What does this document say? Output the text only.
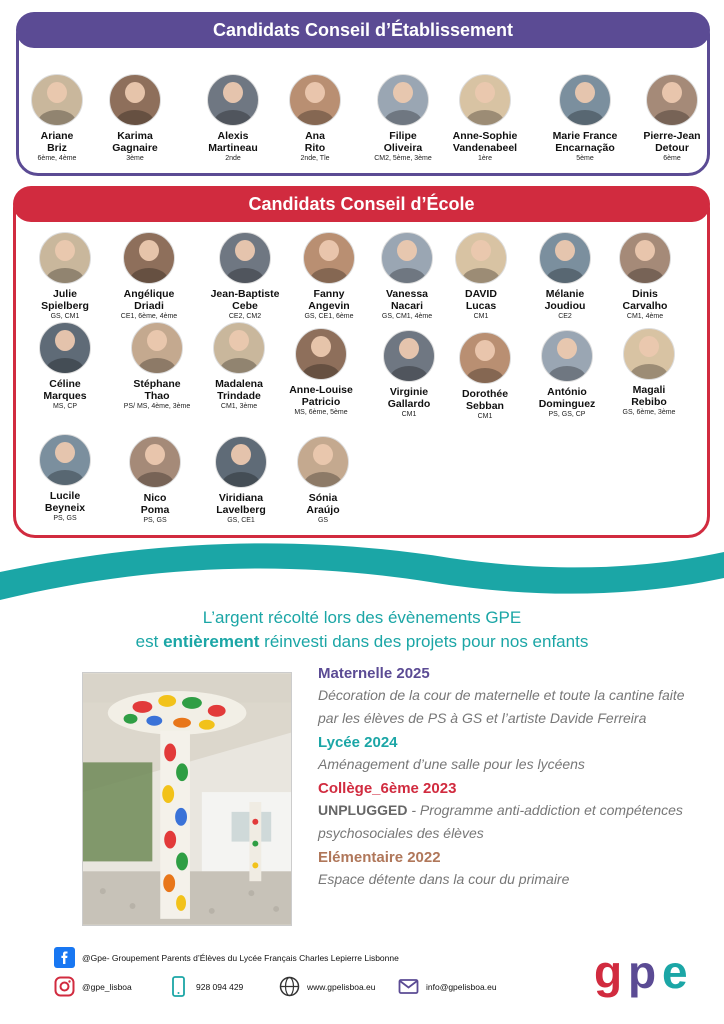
Candidats Conseil d’Établissement
Candidats Conseil d’École
Ariane
Briz
6ème, 4ème
Karima
Gagnaire
3ème
Alexis
Martineau
2nde
Ana
Rito
2nde, Tle
Filipe
Oliveira
CM2, 5ème, 3ème
Anne-Sophie
Vandenabeel
1ère
Marie France
Encarnação
5ème
Pierre-Jean
Detour
6ème
Julie
Spielberg
GS, CM1
Angélique
Driadi
CE1, 6ème, 4ème
Jean-Baptiste
Cebe
CE2, CM2
Fanny
Angevin
GS, CE1, 6ème
Vanessa
Nacari
GS, CM1, 4ème
DAVID
Lucas
CM1
Mélanie
Joudiou
CE2
Dinis
Carvalho
CM1, 4ème
Céline
Marques
MS, CP
Stéphane
Thao
PS/ MS, 4ème, 3ème
Madalena
Trindade
CM1, 3ème
Anne-Louise
Patricio
MS, 6ème, 5ème
Virginie
Gallardo
CM1
Dorothée
Sebban
CM1
António
Dominguez
PS, GS, CP
Magali
Rebibo
GS, 6ème, 3ème
Lucile
Beyneix
PS, GS
Nico
Poma
PS, GS
Viridiana
Lavelberg
GS, CE1
Sónia
Araújo
GS
L’argent récolté lors des évènements GPE
est entièrement réinvesti dans des projets pour nos enfants
Maternelle 2025
Décoration de la cour de maternelle et toute la cantine faite par les élèves de PS à GS et l’artiste Davide Ferreira
Lycée 2024
Aménagement d’une salle pour les lycéens
Collège_6ème 2023
UNPLUGGED - Programme anti-addiction et compétences psychosociales des élèves
Elémentaire 2022
Espace détente dans la cour du primaire
@Gpe- Groupement Parents d’Élèves du Lycée Français Charles Lepierre Lisbonne
@gpe_lisboa	928 094 429	www.gpelisboa.eu	info@gpelisboa.eu g p e
